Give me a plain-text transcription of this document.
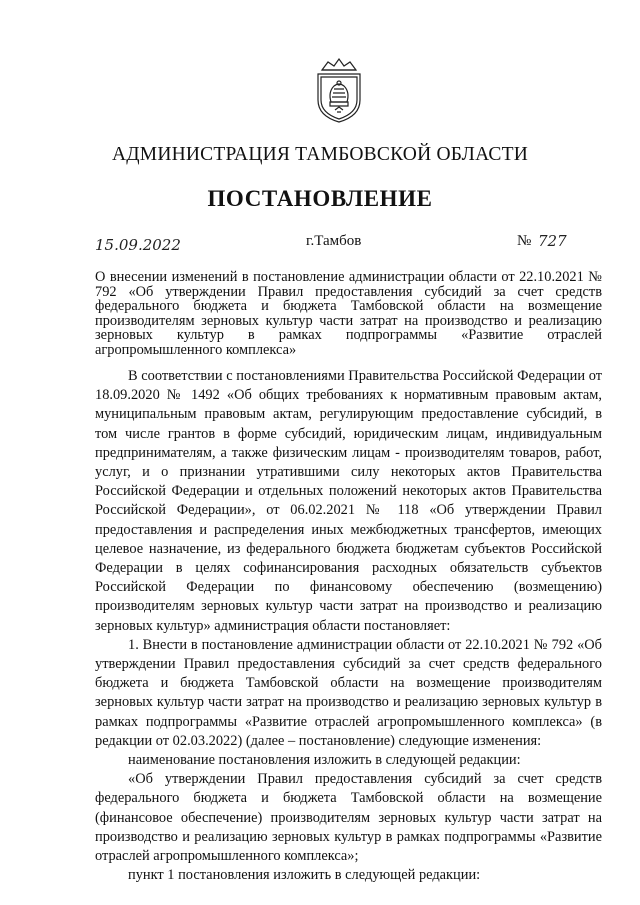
АДМИНИСТРАЦИЯ ТАМБОВСКОЙ ОБЛАСТИ
ПОСТАНОВЛЕНИЕ
15.09.2022	г.Тамбов	№ 727
О внесении изменений в постановление администрации области от 22.10.2021 № 792 «Об утверждении Правил предоставления субсидий за счет средств федерального бюджета и бюджета Тамбовской области на возмещение производителям зерновых культур части затрат на производство и реализацию зерновых культур в рамках подпрограммы «Развитие отраслей агропромышленного комплекса»

В соответствии с постановлениями Правительства Российской Федерации от 18.09.2020 № 1492 «Об общих требованиях к нормативным правовым актам, муниципальным правовым актам, регулирующим предоставление субсидий, в том числе грантов в форме субсидий, юридическим лицам, индивидуальным предпринимателям, а также физическим лицам - производителям товаров, работ, услуг, и о признании утратившими силу некоторых актов Правительства Российской Федерации и отдельных положений некоторых актов Правительства Российской Федерации», от 06.02.2021 № 118 «Об утверждении Правил предоставления и распределения иных межбюджетных трансфертов, имеющих целевое назначение, из федерального бюджета бюджетам субъектов Российской Федерации в целях софинансирования расходных обязательств субъектов Российской Федерации по финансовому обеспечению (возмещению) производителям зерновых культур части затрат на производство и реализацию зерновых культур» администрация области постановляет:

1. Внести в постановление администрации области от 22.10.2021 № 792 «Об утверждении Правил предоставления субсидий за счет средств федерального бюджета и бюджета Тамбовской области на возмещение производителям зерновых культур части затрат на производство и реализацию зерновых культур в рамках подпрограммы «Развитие отраслей агропромышленного комплекса» (в редакции от 02.03.2022) (далее – постановление) следующие изменения:

наименование постановления изложить в следующей редакции:

«Об утверждении Правил предоставления субсидий за счет средств федерального бюджета и бюджета Тамбовской области на возмещение (финансовое обеспечение) производителям зерновых культур части затрат на производство и реализацию зерновых культур в рамках подпрограммы «Развитие отраслей агропромышленного комплекса»;

пункт 1 постановления изложить в следующей редакции:
